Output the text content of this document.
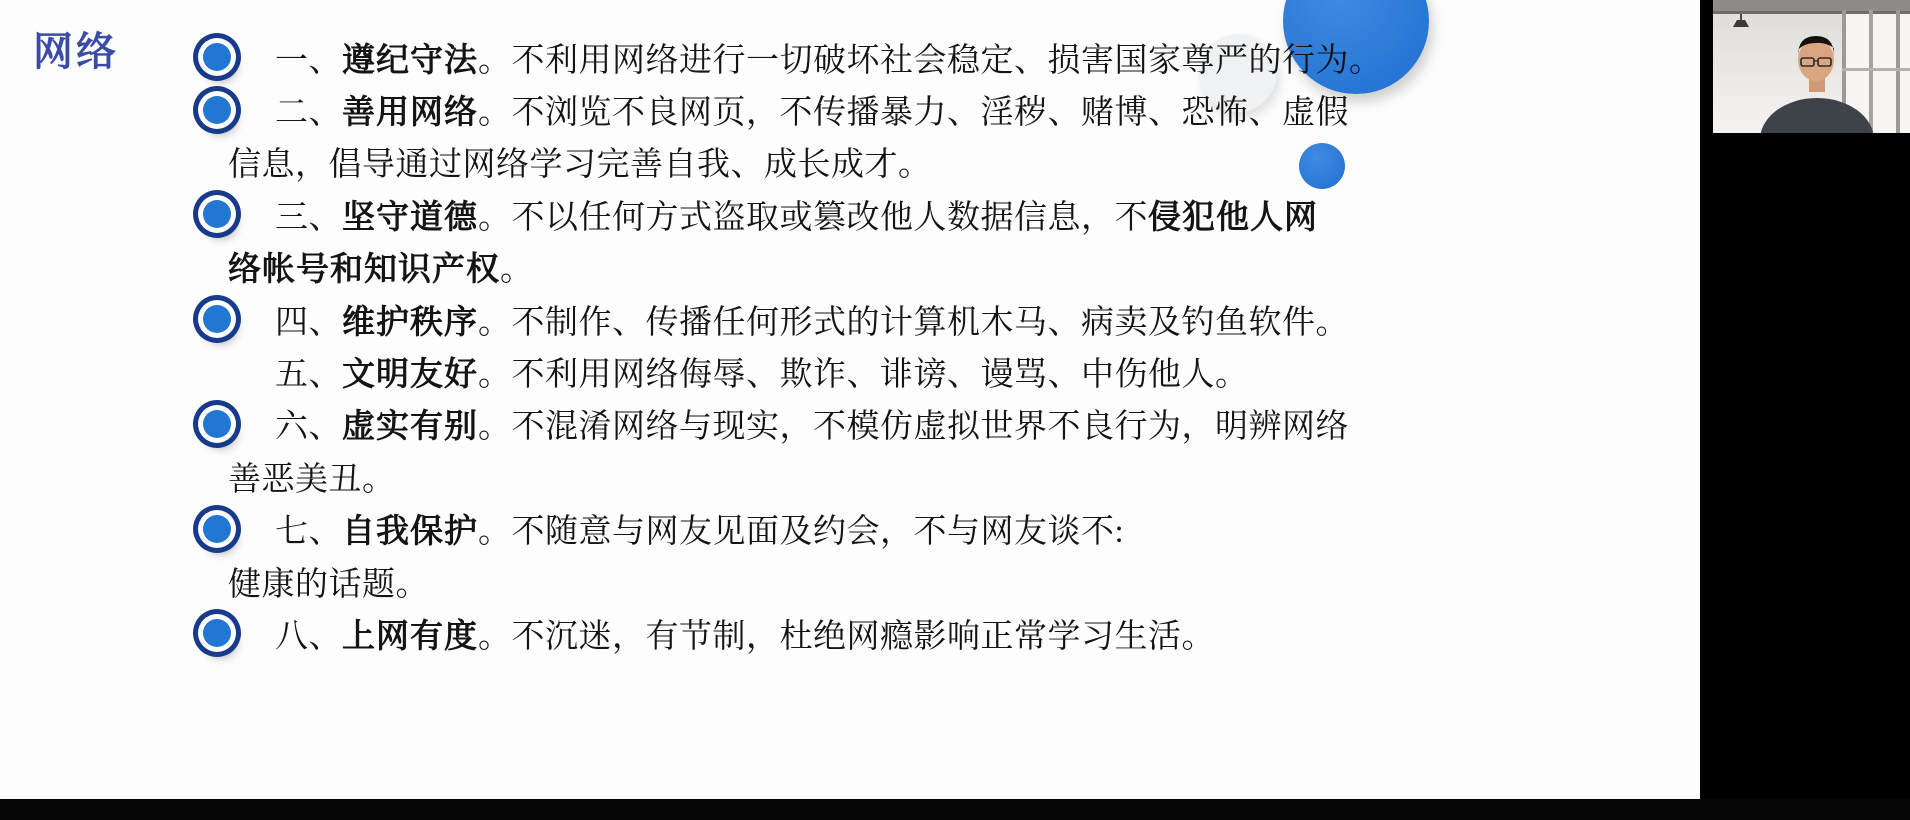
网络	一、遵纪守法。不利用网络进行一切破坏社会稳定、损害国家尊严的行为。
二、善用网络。不浏览不良网页，不传播暴力、淫秽、赌博、恐怖、虚假
信息，倡导通过网络学习完善自我、成长成才。
三、坚守道德。不以任何方式盗取或篡改他人数据信息，不侵犯他人网
络帐号和知识产权。
四、维护秩序。不制作、传播任何形式的计算机木马、病卖及钓鱼软件。
五、文明友好。不利用网络侮辱、欺诈、诽谤、谩骂、中伤他人。
六、虚实有别。不混淆网络与现实，不模仿虚拟世界不良行为，明辨网络
善恶美丑。
七、自我保护。不随意与网友见面及约会，不与网友谈不:
健康的话题。
八、上网有度。不沉迷，有节制，杜绝网瘾影响正常学习生活。
